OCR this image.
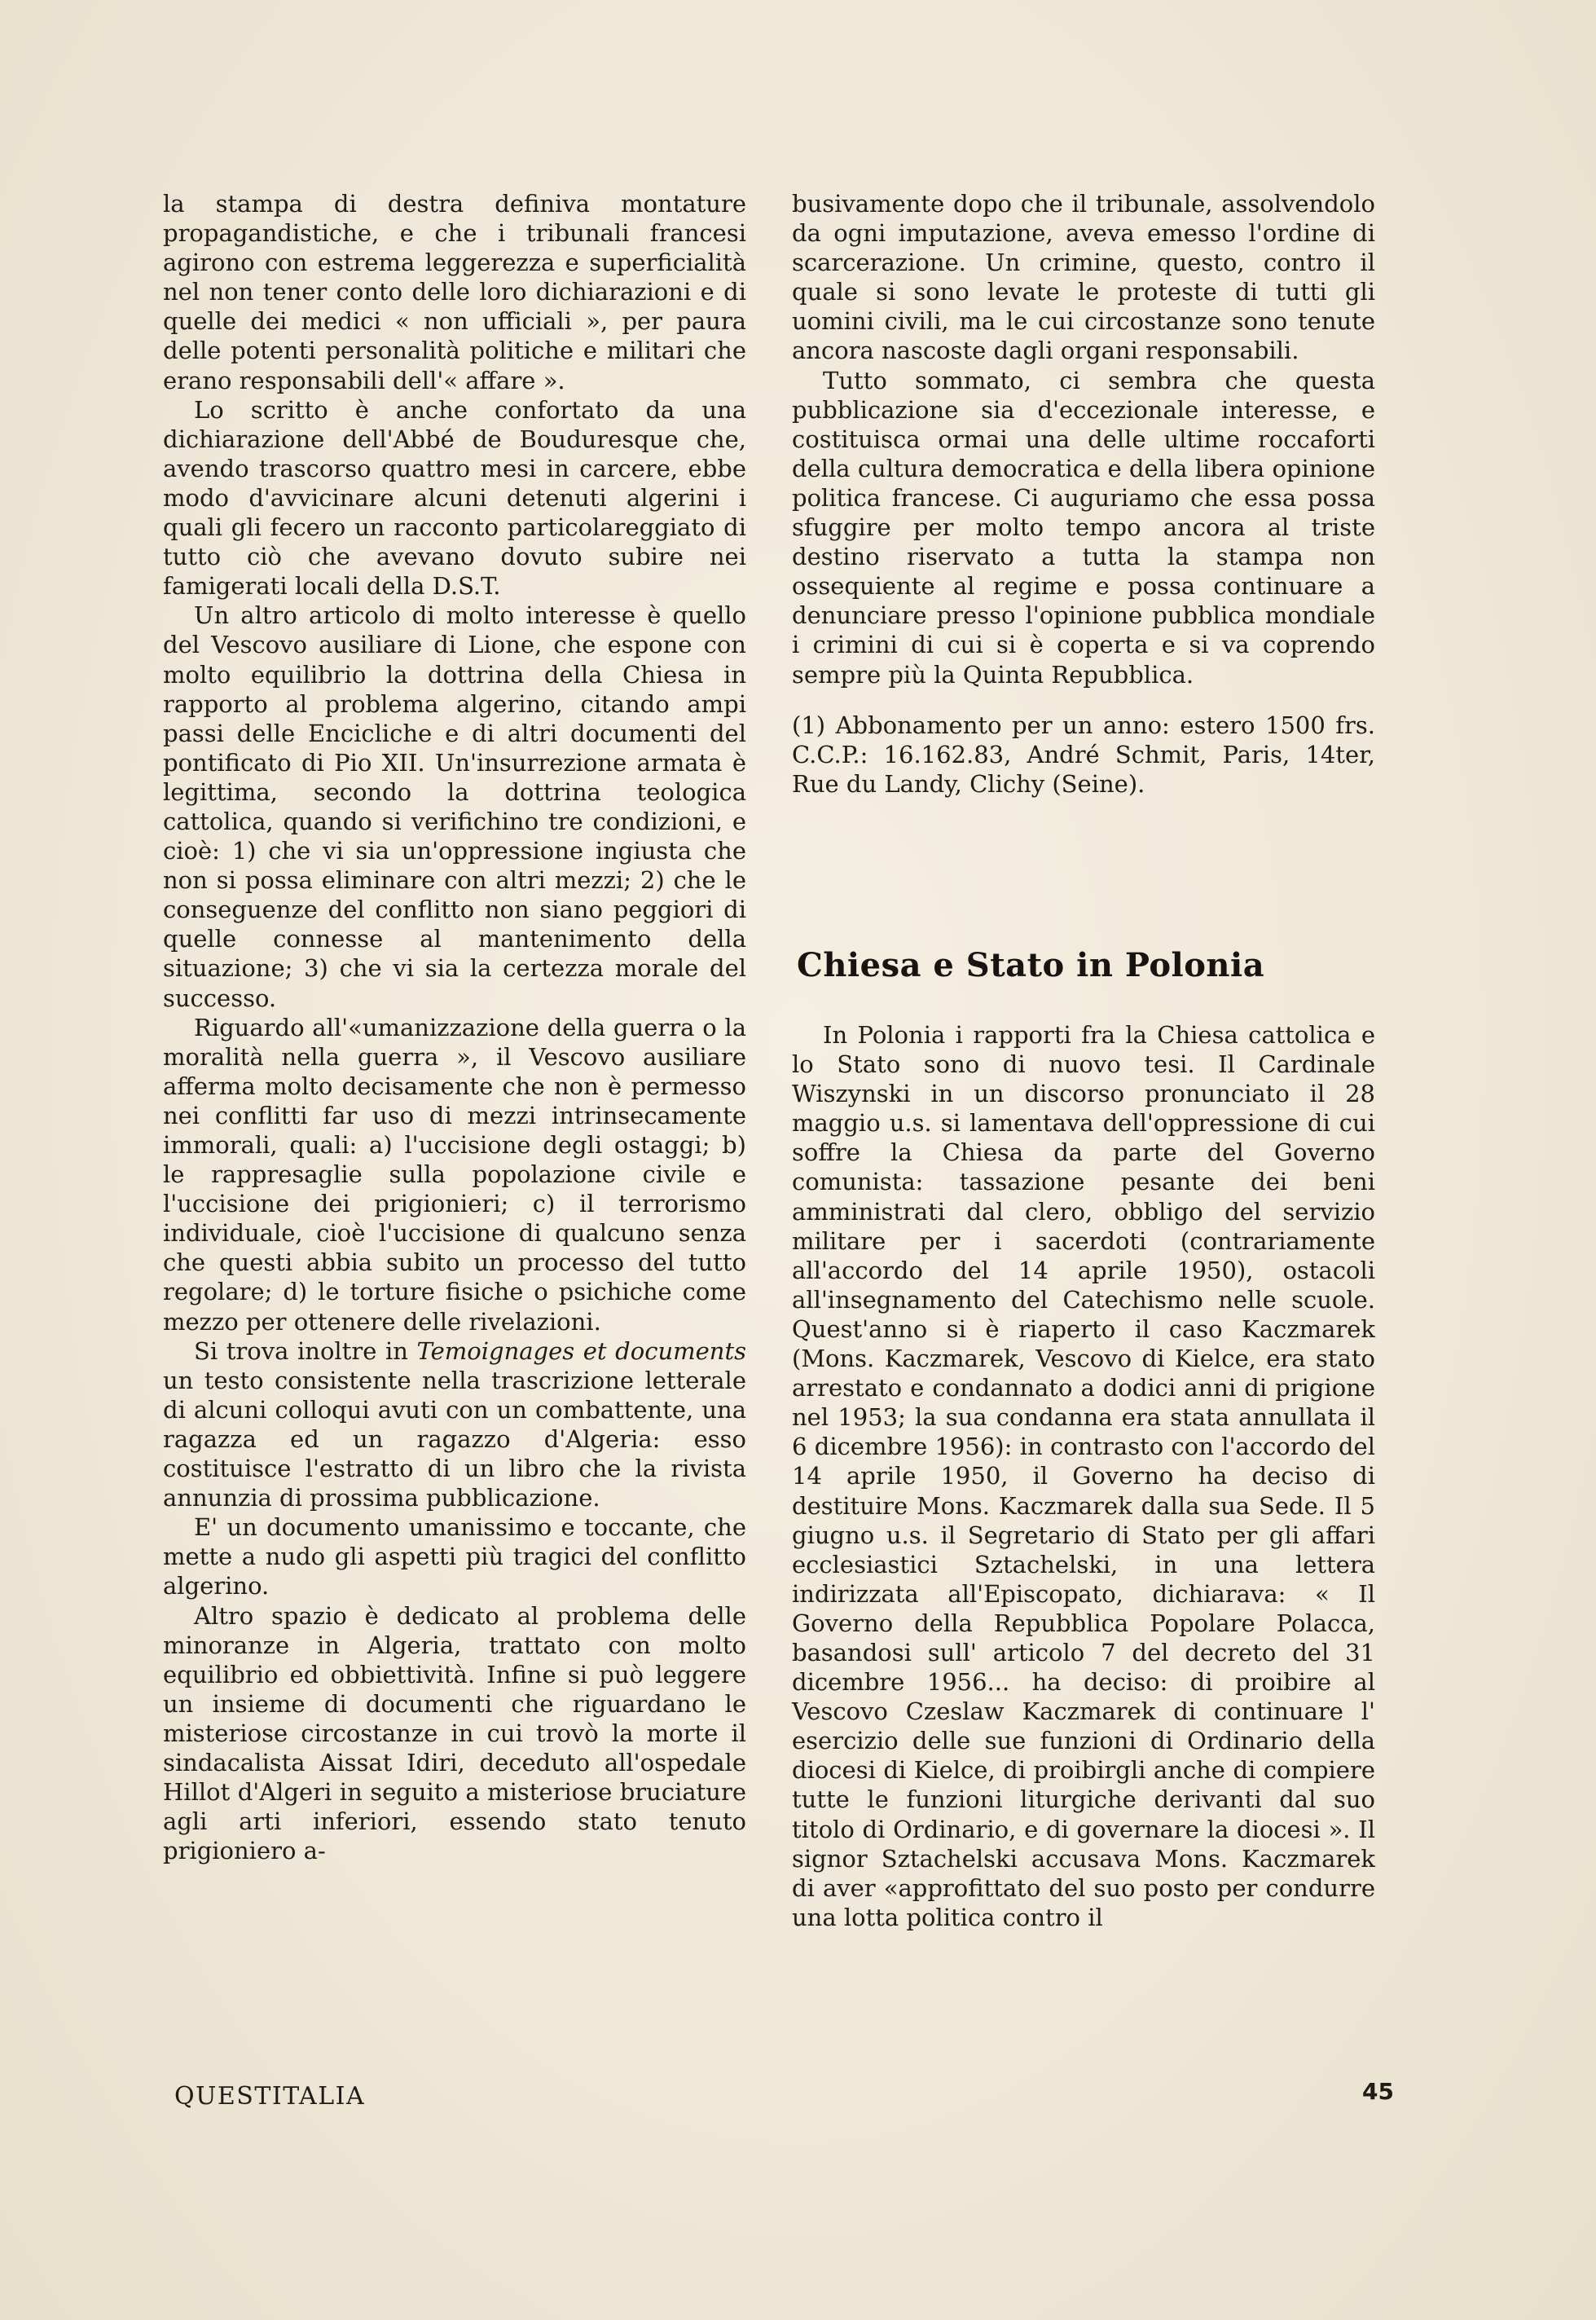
la stampa di destra definiva montature propagandistiche, e che i tribunali francesi agirono con estrema leggerezza e superficialità nel non tener conto delle loro dichiarazioni e di quelle dei medici « non ufficiali », per paura delle potenti personalità politiche e militari che erano responsabili dell'« affare ».

Lo scritto è anche confortato da una dichiarazione dell'Abbé de Bouduresque che, avendo trascorso quattro mesi in carcere, ebbe modo d'avvicinare alcuni detenuti algerini i quali gli fecero un racconto particolareggiato di tutto ciò che avevano dovuto subire nei famigerati locali della D.S.T.

Un altro articolo di molto interesse è quello del Vescovo ausiliare di Lione, che espone con molto equilibrio la dottrina della Chiesa in rapporto al problema algerino, citando ampi passi delle Encicliche e di altri documenti del pontificato di Pio XII. Un'insurrezione armata è legittima, secondo la dottrina teologica cattolica, quando si verifichino tre condizioni, e cioè: 1) che vi sia un'oppressione ingiusta che non si possa eliminare con altri mezzi; 2) che le conseguenze del conflitto non siano peggiori di quelle connesse al mantenimento della situazione; 3) che vi sia la certezza morale del successo.

Riguardo all'«umanizzazione della guerra o la moralità nella guerra », il Vescovo ausiliare afferma molto decisamente che non è permesso nei conflitti far uso di mezzi intrinsecamente immorali, quali: a) l'uccisione degli ostaggi; b) le rappresaglie sulla popolazione civile e l'uccisione dei prigionieri; c) il terrorismo individuale, cioè l'uccisione di qualcuno senza che questi abbia subito un processo del tutto regolare; d) le torture fisiche o psichiche come mezzo per ottenere delle rivelazioni.

Si trova inoltre in Temoignages et documents un testo consistente nella trascrizione letterale di alcuni colloqui avuti con un combattente, una ragazza ed un ragazzo d'Algeria: esso costituisce l'estratto di un libro che la rivista annunzia di prossima pubblicazione.

E' un documento umanissimo e toccante, che mette a nudo gli aspetti più tragici del conflitto algerino.

Altro spazio è dedicato al problema delle minoranze in Algeria, trattato con molto equilibrio ed obbiettività. Infine si può leggere un insieme di documenti che riguardano le misteriose circostanze in cui trovò la morte il sindacalista Aissat Idiri, deceduto all'ospedale Hillot d'Algeri in seguito a misteriose bruciature agli arti inferiori, essendo stato tenuto prigioniero a-

busivamente dopo che il tribunale, assolvendolo da ogni imputazione, aveva emesso l'ordine di scarcerazione. Un crimine, questo, contro il quale si sono levate le proteste di tutti gli uomini civili, ma le cui circostanze sono tenute ancora nascoste dagli organi responsabili.

Tutto sommato, ci sembra che questa pubblicazione sia d'eccezionale interesse, e costituisca ormai una delle ultime roccaforti della cultura democratica e della libera opinione politica francese. Ci auguriamo che essa possa sfuggire per molto tempo ancora al triste destino riservato a tutta la stampa non ossequiente al regime e possa continuare a denunciare presso l'opinione pubblica mondiale i crimini di cui si è coperta e si va coprendo sempre più la Quinta Repubblica.

(1) Abbonamento per un anno: estero 1500 frs. C.C.P.: 16.162.83, André Schmit, Paris, 14ter, Rue du Landy, Clichy (Seine).

Chiesa e Stato in Polonia

In Polonia i rapporti fra la Chiesa cattolica e lo Stato sono di nuovo tesi. Il Cardinale Wiszynski in un discorso pronunciato il 28 maggio u.s. si lamentava dell'oppressione di cui soffre la Chiesa da parte del Governo comunista: tassazione pesante dei beni amministrati dal clero, obbligo del servizio militare per i sacerdoti (contrariamente all'accordo del 14 aprile 1950), ostacoli all'insegnamento del Catechismo nelle scuole. Quest'anno si è riaperto il caso Kaczmarek (Mons. Kaczmarek, Vescovo di Kielce, era stato arrestato e condannato a dodici anni di prigione nel 1953; la sua condanna era stata annullata il 6 dicembre 1956): in contrasto con l'accordo del 14 aprile 1950, il Governo ha deciso di destituire Mons. Kaczmarek dalla sua Sede. Il 5 giugno u.s. il Segretario di Stato per gli affari ecclesiastici Sztachelski, in una lettera indirizzata all'Episcopato, dichiarava: « Il Governo della Repubblica Popolare Polacca, basandosi sull' articolo 7 del decreto del 31 dicembre 1956... ha deciso: di proibire al Vescovo Czeslaw Kaczmarek di continuare l' esercizio delle sue funzioni di Ordinario della diocesi di Kielce, di proibirgli anche di compiere tutte le funzioni liturgiche derivanti dal suo titolo di Ordinario, e di governare la diocesi ». Il signor Sztachelski accusava Mons. Kaczmarek di aver «approfittato del suo posto per condurre una lotta politica contro il

QUESTITALIA	45
